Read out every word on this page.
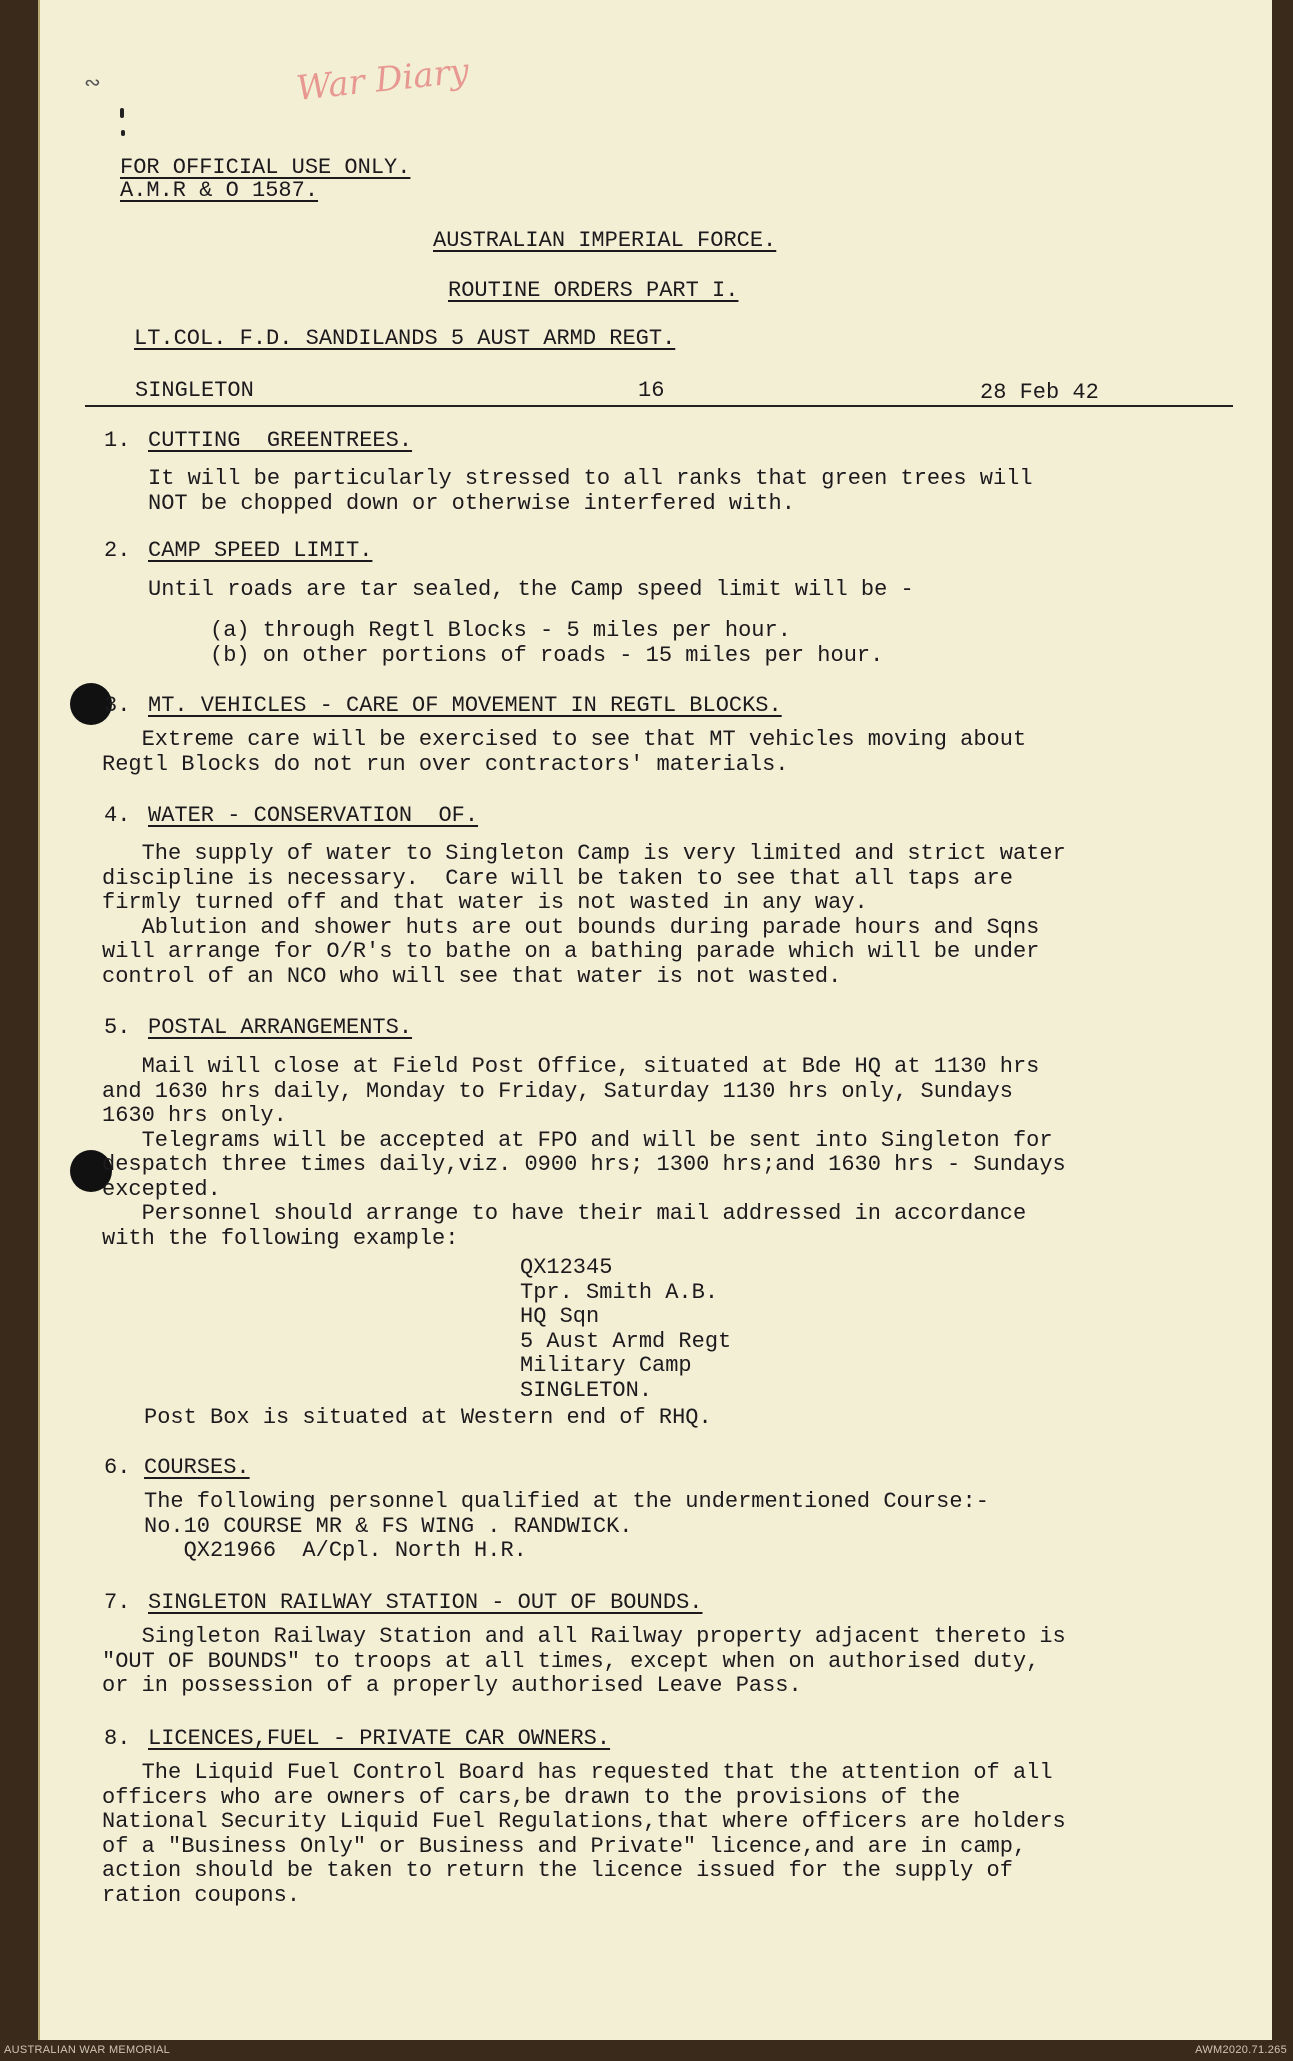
∾	War Diary
FOR OFFICIAL USE ONLY.
A.M.R & O 1587.
AUSTRALIAN IMPERIAL FORCE.
ROUTINE ORDERS PART I.
LT.COL. F.D. SANDILANDS 5 AUST ARMD REGT.
SINGLETON	16	28 Feb 42
1. CUTTING  GREENTREES.
It will be particularly stressed to all ranks that green trees will
NOT be chopped down or otherwise interfered with.
2. CAMP SPEED LIMIT.
Until roads are tar sealed, the Camp speed limit will be -
(a) through Regtl Blocks - 5 miles per hour.
(b) on other portions of roads - 15 miles per hour.
3. MT. VEHICLES - CARE OF MOVEMENT IN REGTL BLOCKS.
Extreme care will be exercised to see that MT vehicles moving about
Regtl Blocks do not run over contractors' materials.
4. WATER - CONSERVATION  OF.
The supply of water to Singleton Camp is very limited and strict water
discipline is necessary.  Care will be taken to see that all taps are
firmly turned off and that water is not wasted in any way.
Ablution and shower huts are out bounds during parade hours and Sqns
will arrange for O/R's to bathe on a bathing parade which will be under
control of an NCO who will see that water is not wasted.
5. POSTAL ARRANGEMENTS.
Mail will close at Field Post Office, situated at Bde HQ at 1130 hrs
and 1630 hrs daily, Monday to Friday, Saturday 1130 hrs only, Sundays
1630 hrs only.
Telegrams will be accepted at FPO and will be sent into Singleton for
despatch three times daily,viz. 0900 hrs; 1300 hrs;and 1630 hrs - Sundays
excepted.
Personnel should arrange to have their mail addressed in accordance
with the following example:
QX12345
Tpr. Smith A.B.
HQ Sqn
5 Aust Armd Regt
Military Camp
SINGLETON.
Post Box is situated at Western end of RHQ.
6. COURSES.
The following personnel qualified at the undermentioned Course:-
No.10 COURSE MR & FS WING . RANDWICK.
QX21966  A/Cpl. North H.R.
7. SINGLETON RAILWAY STATION - OUT OF BOUNDS.
Singleton Railway Station and all Railway property adjacent thereto is
"OUT OF BOUNDS" to troops at all times, except when on authorised duty,
or in possession of a properly authorised Leave Pass.
8. LICENCES,FUEL - PRIVATE CAR OWNERS.
The Liquid Fuel Control Board has requested that the attention of all
officers who are owners of cars,be drawn to the provisions of the
National Security Liquid Fuel Regulations,that where officers are holders
of a "Business Only" or Business and Private" licence,and are in camp,
action should be taken to return the licence issued for the supply of
ration coupons.
AUSTRALIAN WAR MEMORIAL	AWM2020.71.265
